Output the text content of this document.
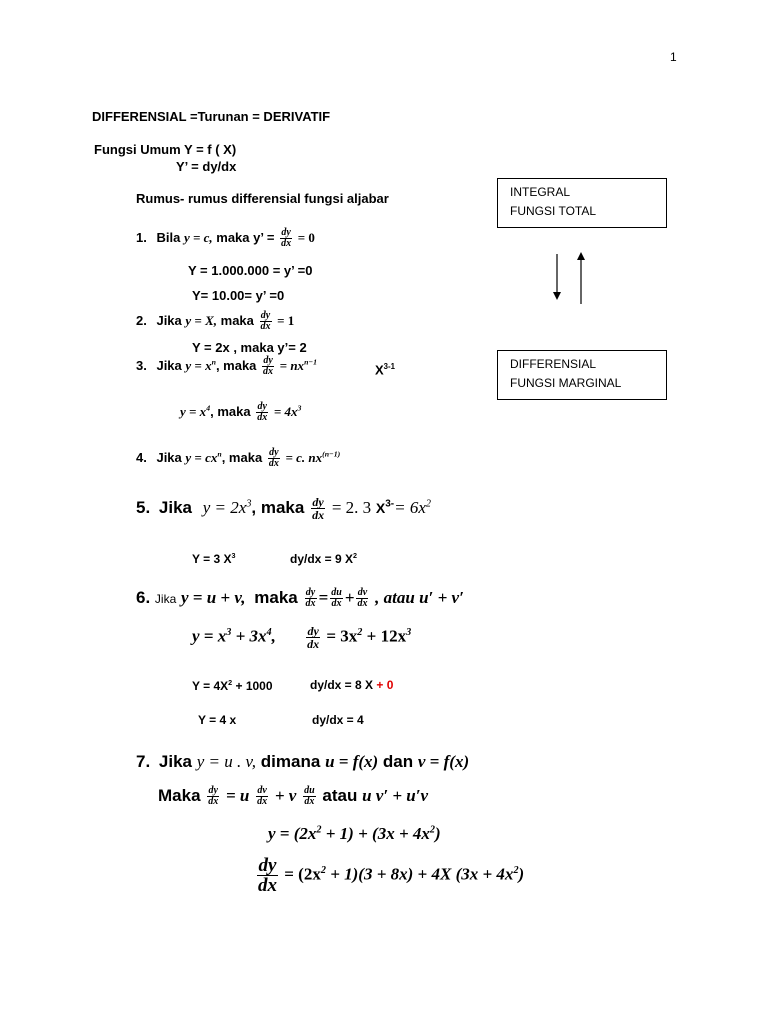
1
DIFFERENSIAL =Turunan = DERIVATIF
Fungsi Umum Y = f ( X)
Y’ = dy/dx
Rumus- rumus differensial fungsi aljabar	INTEGRAL
FUNGSI TOTAL
DIFFERENSIAL
FUNGSI MARGINAL
1. Bila y = c, maka y’ = $\frac{dy}{dx} = 0$
Y = 1.000.000 = y’ =0
Y= 10.00= y’ =0
2. Jika y = X, maka $\frac{dy}{dx} = 1$
Y = 2x , maka y’= 2
3. Jika $y = x^n$, maka $\frac{dy}{dx} = nx^{n-1}$
$X^{3-1}$
$y = x^4$, maka $\frac{dy}{dx} = 4x^3$
4. Jika $y = cx^n$, maka $\frac{dy}{dx} = c$. $nx^{(n-1)}$
5. Jika $y = 2x^3$, maka $\frac{dy}{dx} = 2$. 3 $X^{3-}= 6x^2$
Y = 3 $X^3$	dy/dx = 9 $X^2$
6. Jika y = u + v, maka $\frac{dy}{dx} = \frac{du}{dx} + \frac{dv}{dx}$ , atau u′ + v′
$y = x^3 + 3x^4$,	$\frac{dy}{dx} = 3x^2 + 12x^3$
$Y = 4X^2 + 1000$	dy/dx = 8 X + 0
Y = 4 x	dy/dx = 4
7. Jika y = u . v, dimana u = f(x) dan v = f(x)
Maka $\frac{dy}{dx} = u \frac{dv}{dx} + v \frac{du}{dx}$ atau u v′ + u′v
$y = (2x^2 + 1) + (3x + 4x^2)$
$\frac{dy}{dx} = (2x^2 + 1)(3 + 8x) + 4X$ $(3x + 4x^2)$
